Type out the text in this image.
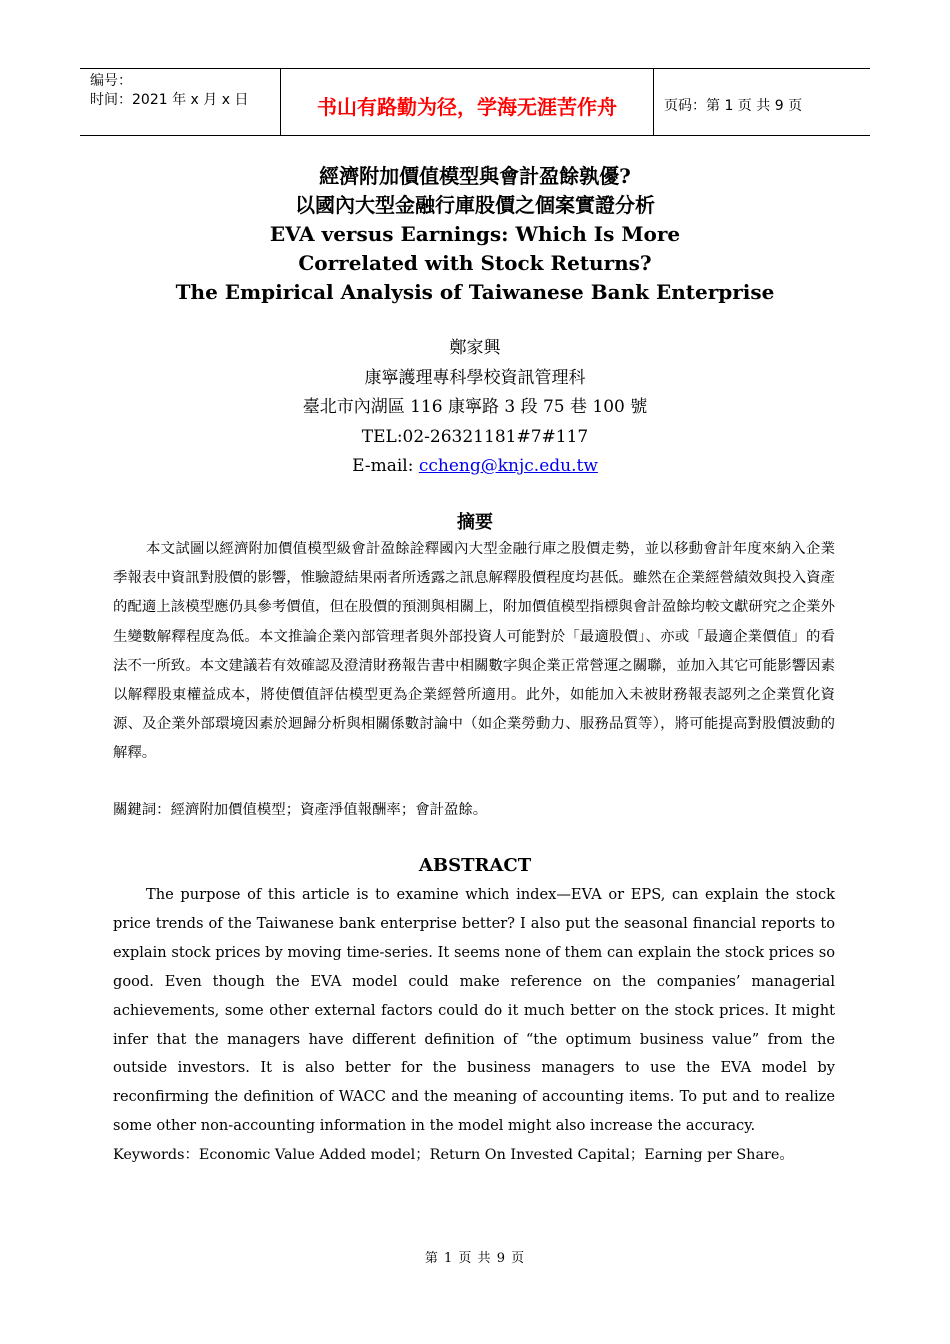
编号：
时间：2021 年 x 月 x 日	书山有路勤为径，学海无涯苦作舟	页码：第 1 页 共 9 页
經濟附加價值模型與會計盈餘孰優?
以國內大型金融行庫股價之個案實證分析
EVA versus Earnings: Which Is More
Correlated with Stock Returns?
The Empirical Analysis of Taiwanese Bank Enterprise
鄭家興
康寧護理專科學校資訊管理科
臺北市內湖區 116 康寧路 3 段 75 巷 100 號
TEL:02-26321181#7#117
E-mail: ccheng@knjc.edu.tw
摘要
本文試圖以經濟附加價值模型級會計盈餘詮釋國內大型金融行庫之股價走勢，並以移動會計年度來納入企業季報表中資訊對股價的影響，惟驗證結果兩者所透露之訊息解釋股價程度均甚低。雖然在企業經營績效與投入資產的配適上該模型應仍具參考價值，但在股價的預測與相關上，附加價值模型指標與會計盈餘均較文獻研究之企業外生變數解釋程度為低。本文推論企業內部管理者與外部投資人可能對於「最適股價」、亦或「最適企業價值」的看法不一所致。本文建議若有效確認及澄清財務報告書中相關數字與企業正常營運之關聯，並加入其它可能影響因素以解釋股東權益成本，將使價值評估模型更為企業經營所適用。此外，如能加入未被財務報表認列之企業質化資源、及企業外部環境因素於迴歸分析與相關係數討論中（如企業勞動力、服務品質等），將可能提高對股價波動的解釋。
關鍵詞：經濟附加價值模型；資產淨值報酬率；會計盈餘。
ABSTRACT
The purpose of this article is to examine which index—EVA or EPS, can explain the stock price trends of the Taiwanese bank enterprise better? I also put the seasonal financial reports to explain stock prices by moving time-series. It seems none of them can explain the stock prices so good. Even though the EVA model could make reference on the companies’ managerial achievements, some other external factors could do it much better on the stock prices. It might infer that the managers have different definition of “the optimum business value” from the outside investors. It is also better for the business managers to use the EVA model by reconfirming the definition of WACC and the meaning of accounting items. To put and to realize some other non-accounting information in the model might also increase the accuracy.
Keywords：Economic Value Added model；Return On Invested Capital；Earning per Share。
第 1 页 共 9 页
